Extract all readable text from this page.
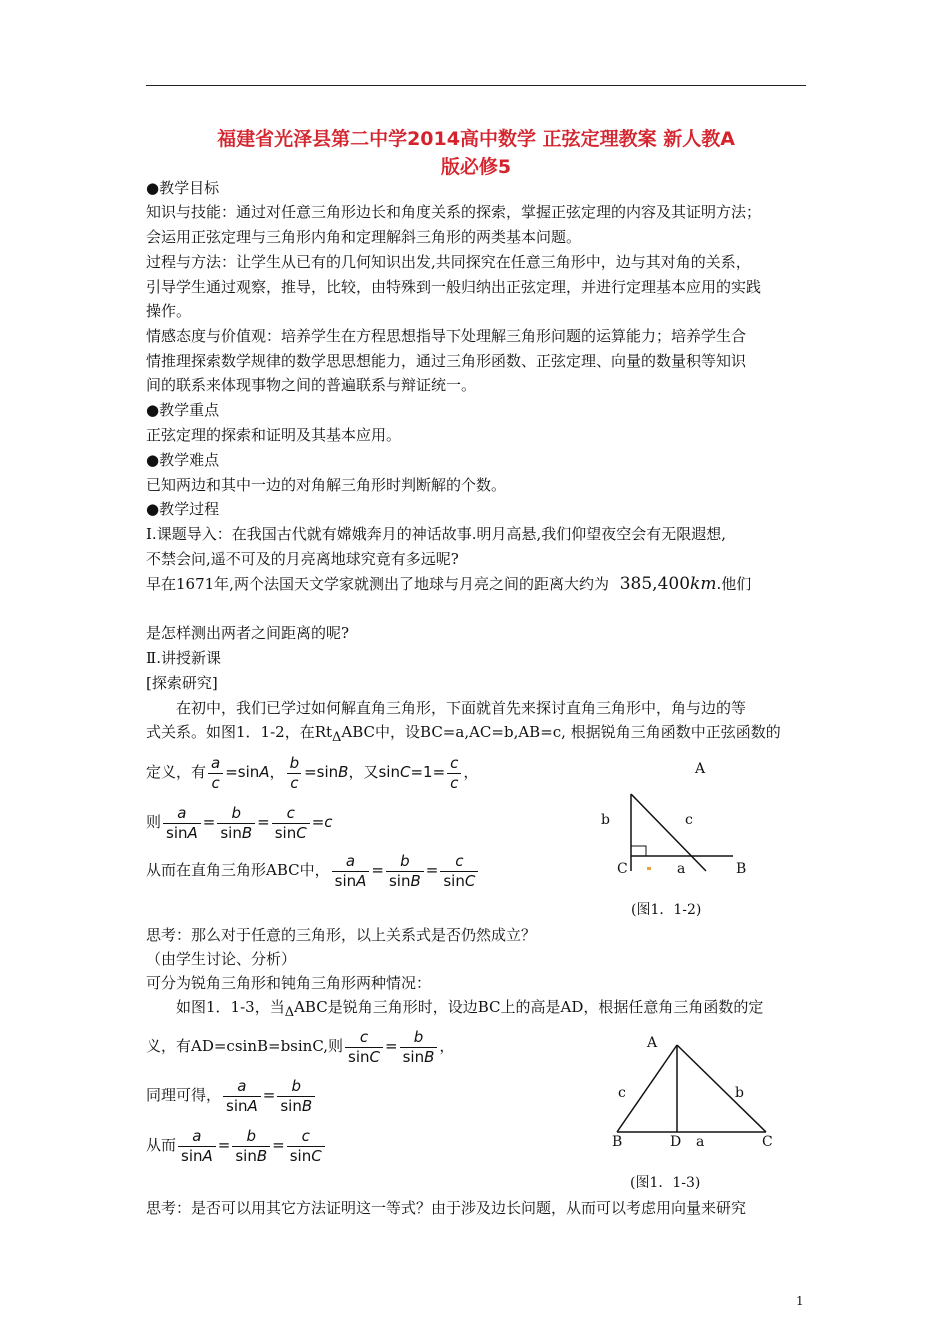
福建省光泽县第二中学2014高中数学 正弦定理教案 新人教A
版必修5
●教学目标
知识与技能：通过对任意三角形边长和角度关系的探索，掌握正弦定理的内容及其证明方法；
会运用正弦定理与三角形内角和定理解斜三角形的两类基本问题。
过程与方法：让学生从已有的几何知识出发,共同探究在任意三角形中，边与其对角的关系，
引导学生通过观察，推导，比较，由特殊到一般归纳出正弦定理，并进行定理基本应用的实践
操作。
情感态度与价值观：培养学生在方程思想指导下处理解三角形问题的运算能力；培养学生合
情推理探索数学规律的数学思思想能力，通过三角形函数、正弦定理、向量的数量积等知识
间的联系来体现事物之间的普遍联系与辩证统一。
●教学重点
正弦定理的探索和证明及其基本应用。
●教学难点
已知两边和其中一边的对角解三角形时判断解的个数。
●教学过程
Ⅰ.课题导入：在我国古代就有嫦娥奔月的神话故事.明月高悬,我们仰望夜空会有无限遐想,
不禁会问,遥不可及的月亮离地球究竟有多远呢?
早在1671年,两个法国天文学家就测出了地球与月亮之间的距离大约为 385,400km.他们
是怎样测出两者之间距离的呢?
Ⅱ.讲授新课
[探索研究]
在初中，我们已学过如何解直角三角形，下面就首先来探讨直角三角形中，角与边的等
式关系。如图1．1-2，在$Rt_\Delta ABC$中，设BC=a,AC=b,AB=c, 根据锐角三角函数中正弦函数的
定义，有 $\frac{a}{c} =\sin A$， $\frac{b}{c} =\sin B$，又$\sin C=1= \frac{c}{c}$ ，
则 $\frac{a}{\sin A} = \frac{b}{\sin B} = \frac{c}{\sin C} =c$
从而在直角三角形ABC中， $\frac{a}{\sin A} = \frac{b}{\sin B} = \frac{c}{\sin C}$
A
b	c
C	a	B
(图1．1-2)
思考：那么对于任意的三角形，以上关系式是否仍然成立？
（由学生讨论、分析）
可分为锐角三角形和钝角三角形两种情况：
如图1．1-3，当$_\Delta$ABC是锐角三角形时，设边BC上的高是AD，根据任意角三角函数的定
义，有AD=csinB=bsinC,则 $\frac{c}{\sin C} = \frac{b}{\sin B}$ ，
同理可得， $\frac{a}{\sin A} = \frac{b}{\sin B}$
从而 $\frac{a}{\sin A} = \frac{b}{\sin B} = \frac{c}{\sin C}$
A
c	b
B	D a	C
(图1．1-3)
思考：是否可以用其它方法证明这一等式？由于涉及边长问题，从而可以考虑用向量来研究
1
